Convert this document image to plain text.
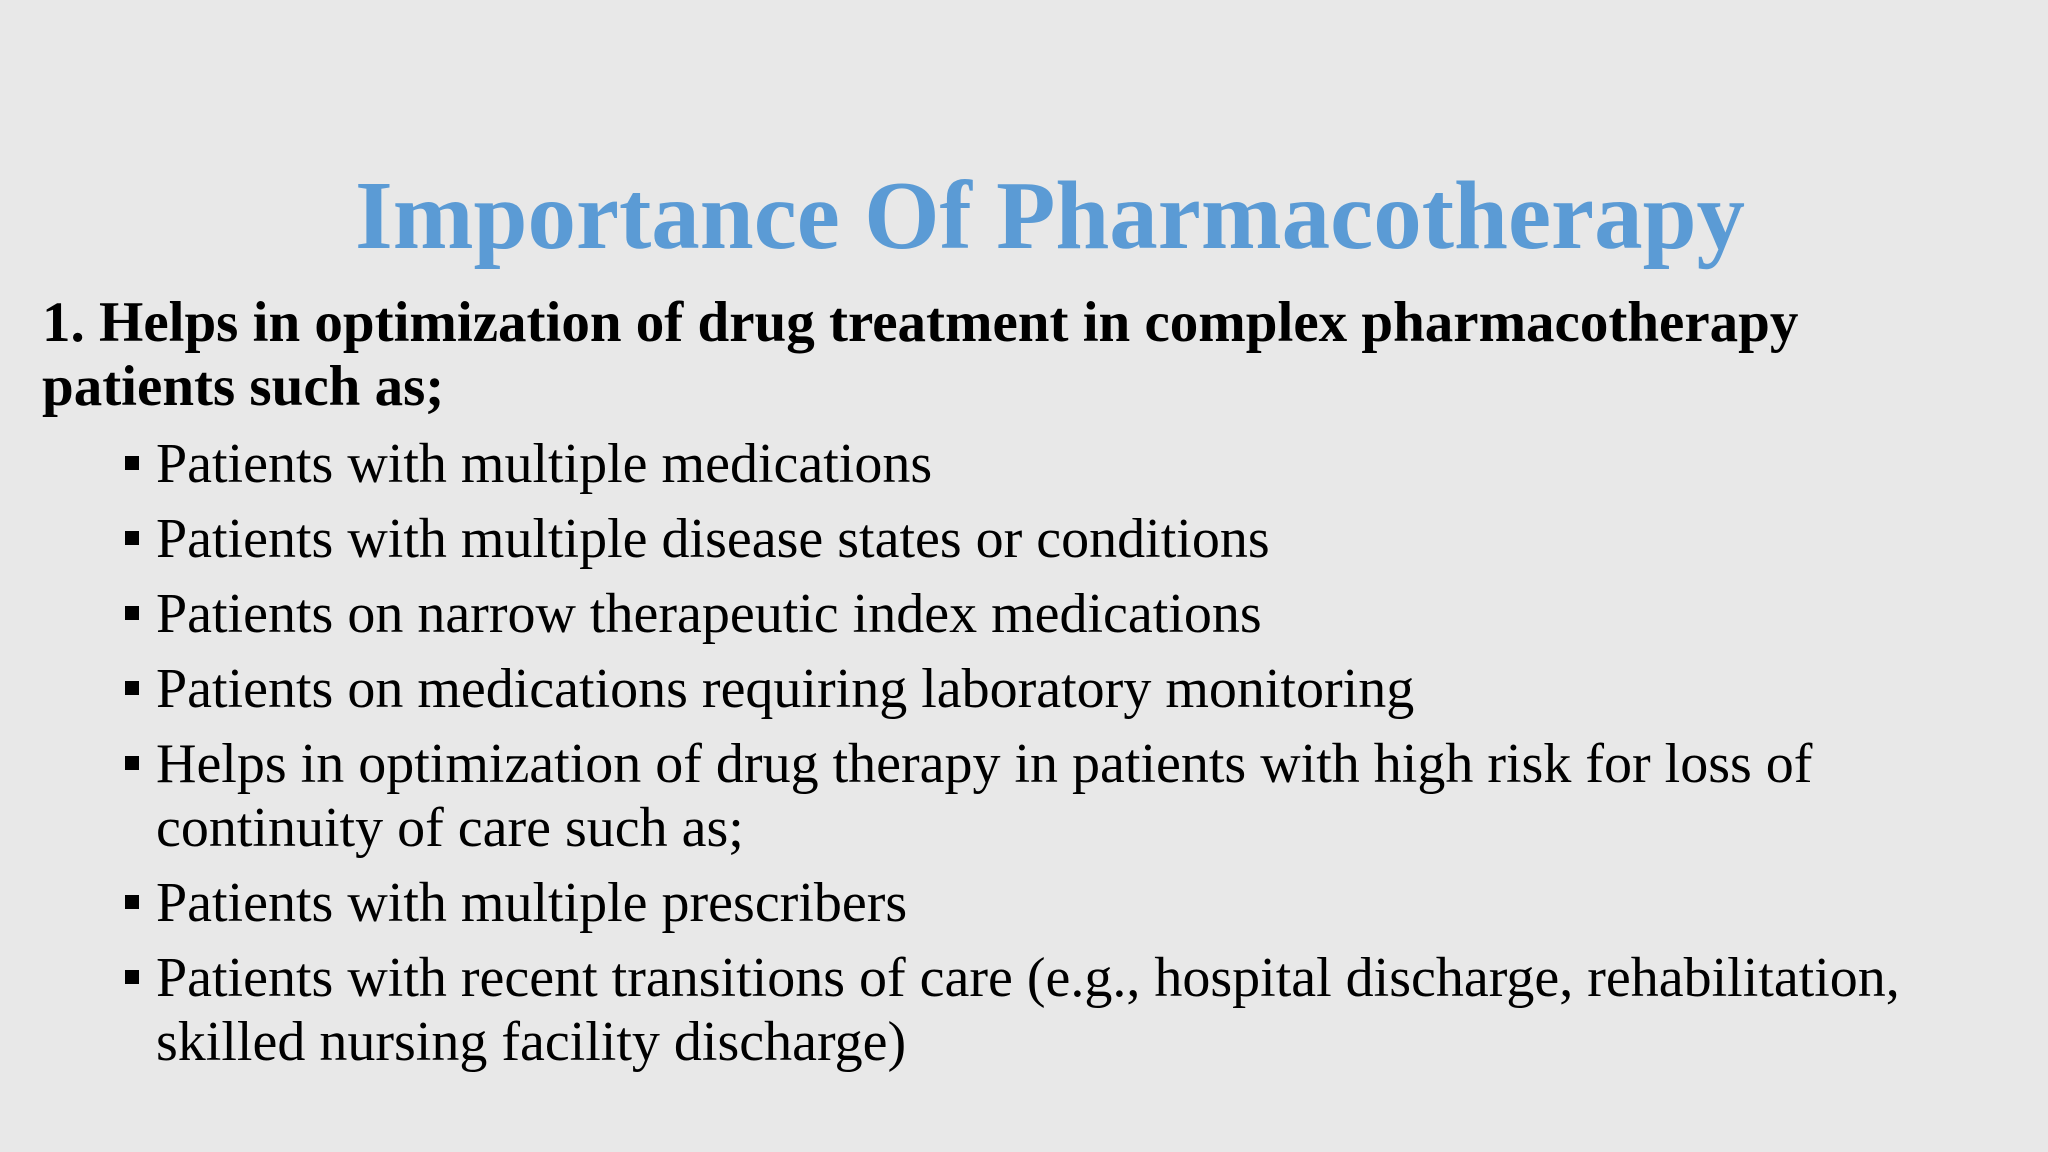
Importance Of Pharmacotherapy

1. Helps in optimization of drug treatment in complex pharmacotherapy patients such as;

Patients with multiple medications
Patients with multiple disease states or conditions
Patients on narrow therapeutic index medications
Patients on medications requiring laboratory monitoring
Helps in optimization of drug therapy in patients with high risk for loss of continuity of care such as;
Patients with multiple prescribers
Patients with recent transitions of care (e.g., hospital discharge, rehabilitation, skilled nursing facility discharge)
